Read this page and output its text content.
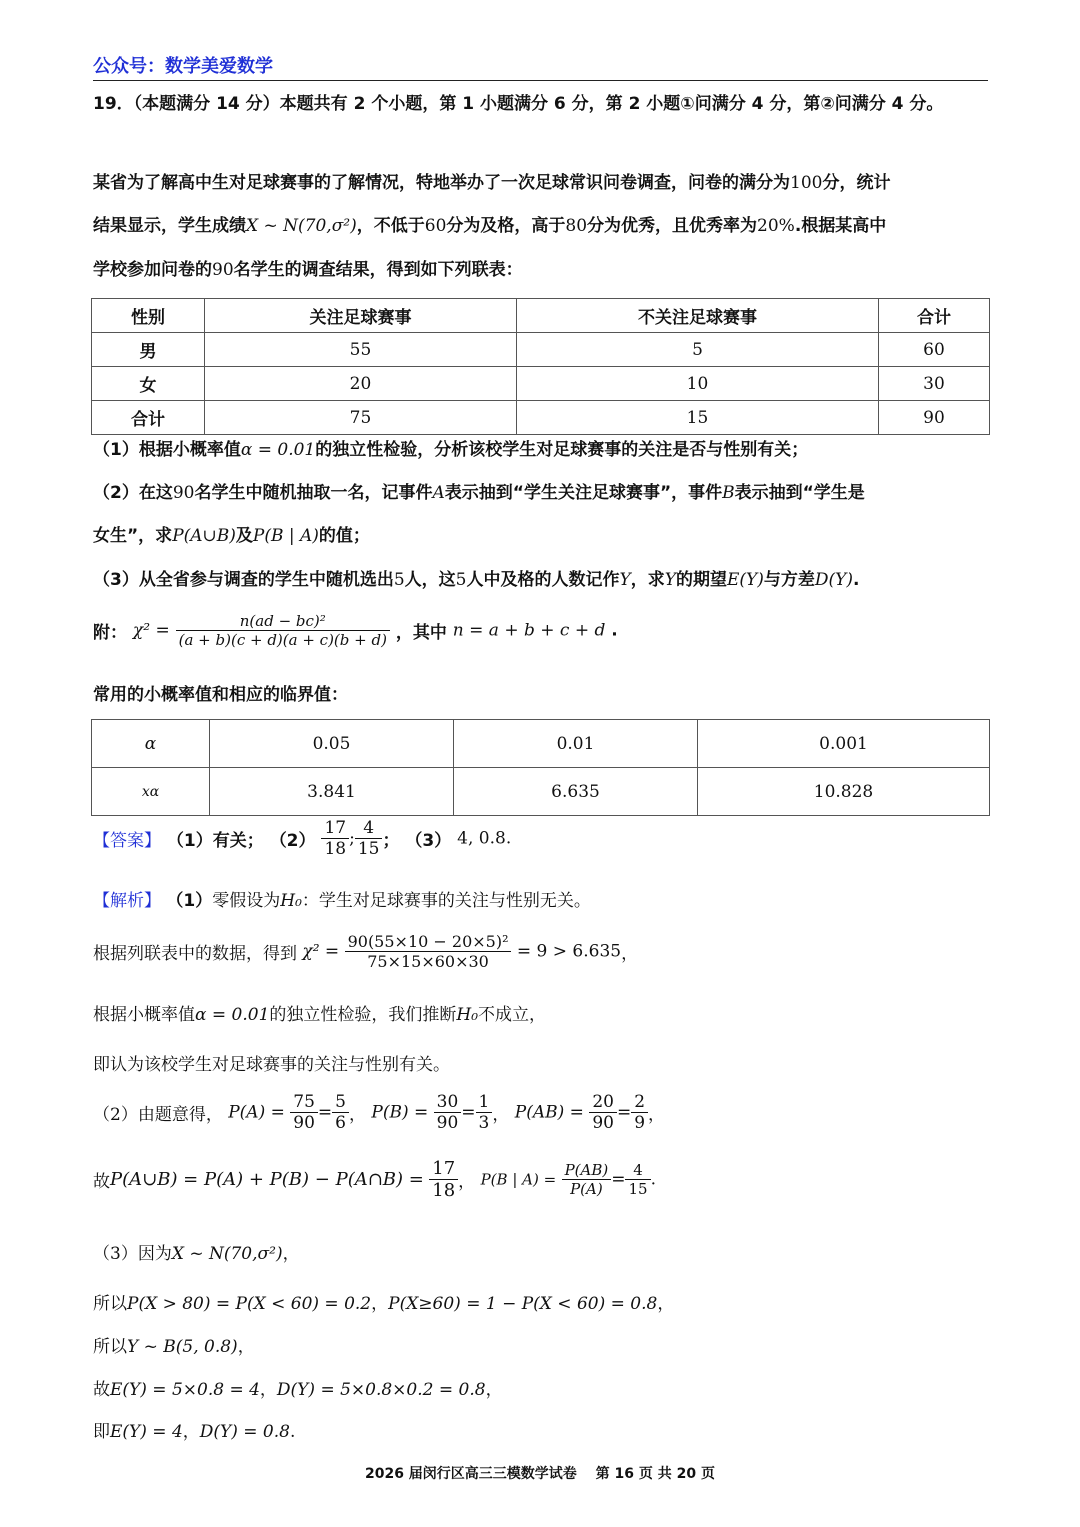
公众号：数学美爱数学
19．（本题满分 14 分）本题共有 2 个小题，第 1 小题满分 6 分，第 2 小题①问满分 4 分，第②问满分 4 分。
某省为了解高中生对足球赛事的了解情况，特地举办了一次足球常识问卷调查，问卷的满分为100分，统计
结果显示，学生成绩X ~ N(70,σ²)，不低于60分为及格，高于80分为优秀，且优秀率为20%.根据某高中
学校参加问卷的90名学生的调查结果，得到如下列联表：
性别	关注足球赛事	不关注足球赛事	合计
男	55	5	60
女	20	10	30
合计	75	15	90
（1）根据小概率值α = 0.01的独立性检验，分析该校学生对足球赛事的关注是否与性别有关；
（2）在这90名学生中随机抽取一名，记事件A表示抽到“学生关注足球赛事”，事件B表示抽到“学生是
女生”，求P(A∪B)及P(B | A)的值；
（3）从全省参与调查的学生中随机选出5人，这5人中及格的人数记作Y，求Y的期望E(Y)与方差D(Y).
附： $\chi^2 = \frac{\text{n(ad − bc)²}}{(a + b)(c + d)(a + c)(b + d)}$ ，其中 n = a + b + c + d .
常用的小概率值和相应的临界值：
α	0.05	0.01	0.001
xα	3.841	6.635	10.828
【答案】 （1）有关； $(2) \frac{17}{18}$ ; $\frac{4}{15}$ ； （3） 4, 0.8.
【解析】 （1）零假设为H₀：学生对足球赛事的关注与性别无关。
根据列联表中的数据，得到 $\chi^2 = \frac{\text{90(55×10 − 20×5)²}}{75\times 15\times 60\times 30} = 9 > 6.635$，
根据小概率值α = 0.01的独立性检验，我们推断H₀不成立，
即认为该校学生对足球赛事的关注与性别有关。
（2）由题意得， $P(A) = \frac{75}{90} = \frac{5}{6}$ ， $P(B) = \frac{30}{90} = \frac{1}{3}$ ， $P(AB) = \frac{20}{90} = \frac{2}{9}$ ，
故P(A∪B) = P(A) + P(B) − P(A∩B) = $\frac{17}{18}$ ， P(B | $A) = \frac{P(AB)}{P(A)} = \frac{4}{15}$ .
（3）因为X ~ N(70,σ²)，
所以P(X > 80) = P(X < 60) = 0.2，P(X≥60) = 1 − P(X < 60) = 0.8，
所以Y ~ B(5, 0.8)，
故E(Y) = 5×0.8 = 4，D(Y) = 5×0.8×0.2 = 0.8，
即E(Y) = 4，D(Y) = 0.8.
2026 届闵行区高三三模数学试卷　 第 16 页 共 20 页
